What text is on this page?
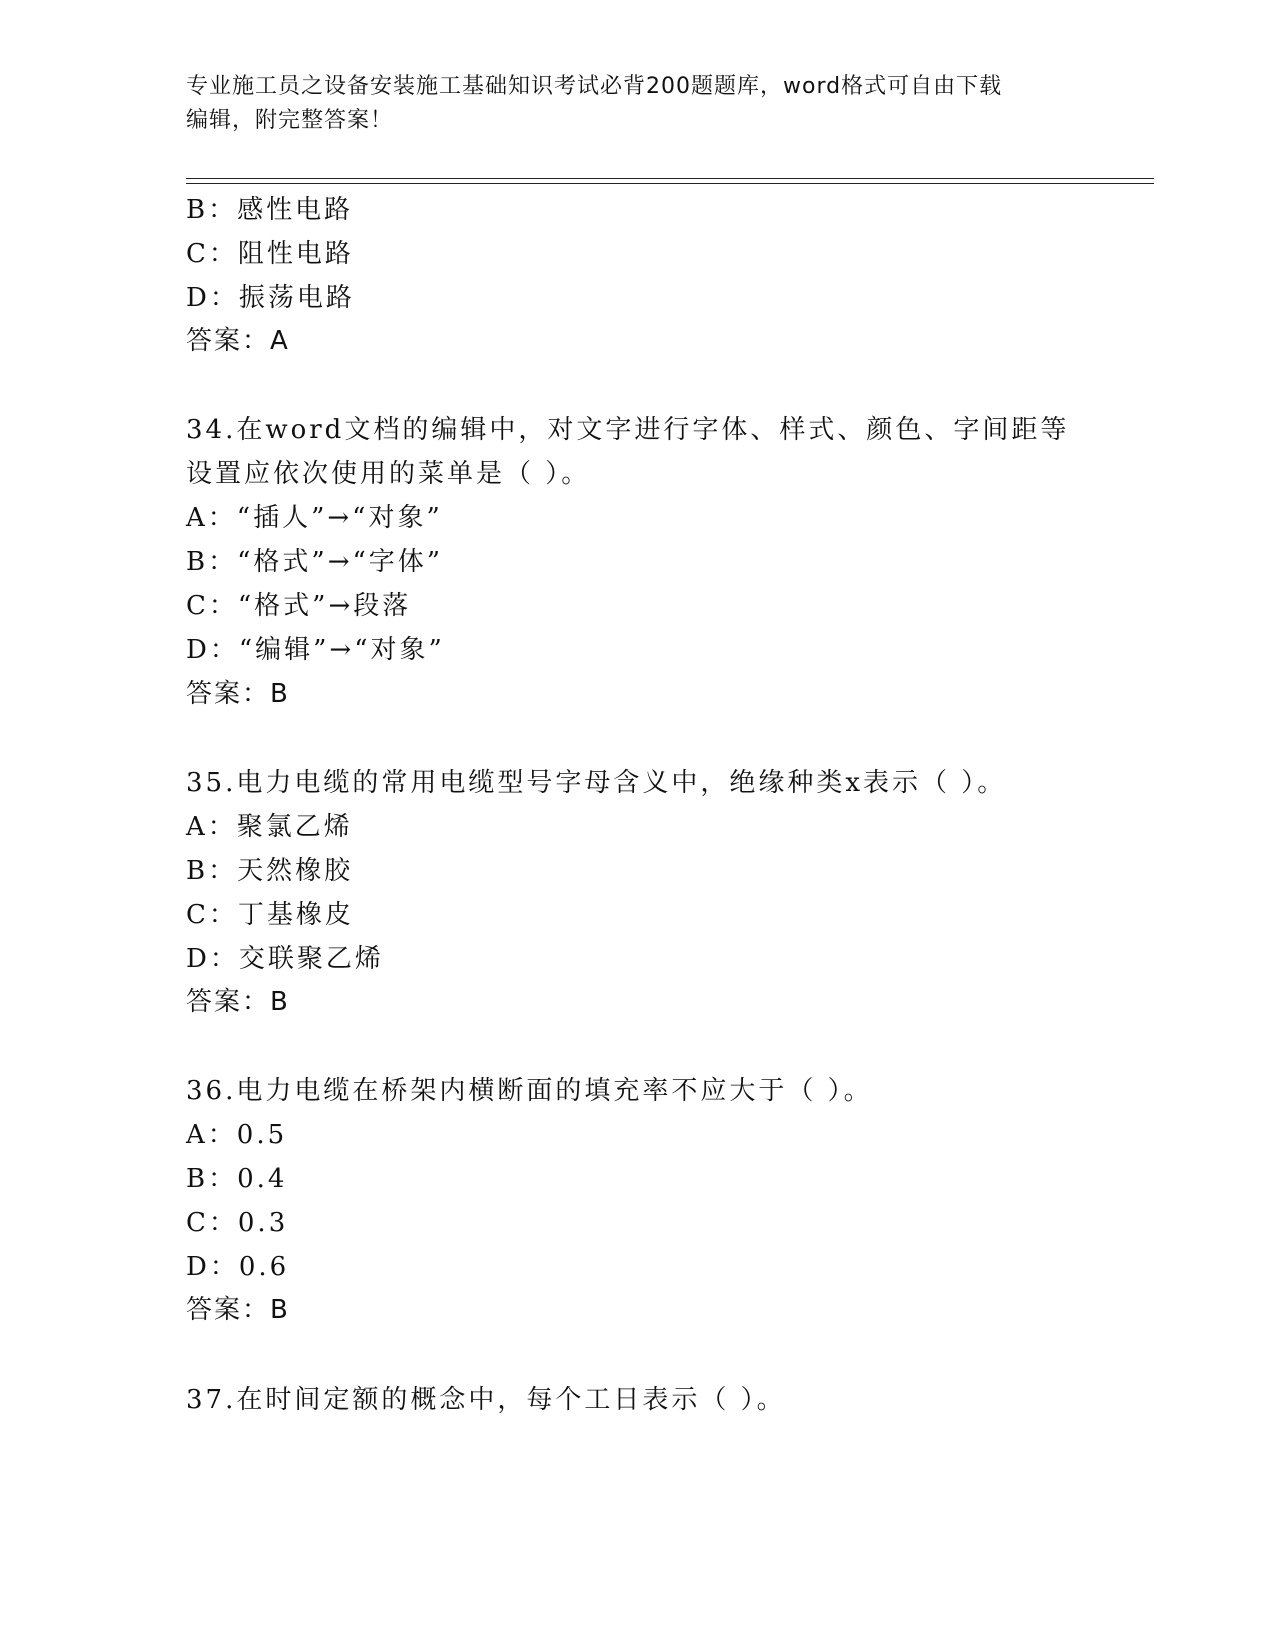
专业施工员之设备安装施工基础知识考试必背200题题库，word格式可自由下载
编辑，附完整答案！
B：感性电路
C：阻性电路
D：振荡电路
答案：A
34.在word文档的编辑中，对文字进行字体、样式、颜色、字间距等
设置应依次使用的菜单是（ ）。
A：“插人”→“对象”
B：“格式”→“字体”
C：“格式”→段落
D：“编辑”→“对象”
答案：B
35.电力电缆的常用电缆型号字母含义中，绝缘种类x表示（ ）。
A：聚氯乙烯
B：天然橡胶
C：丁基橡皮
D：交联聚乙烯
答案：B
36.电力电缆在桥架内横断面的填充率不应大于（ ）。
A：0.5
B：0.4
C：0.3
D：0.6
答案：B
37.在时间定额的概念中，每个工日表示（ ）。
